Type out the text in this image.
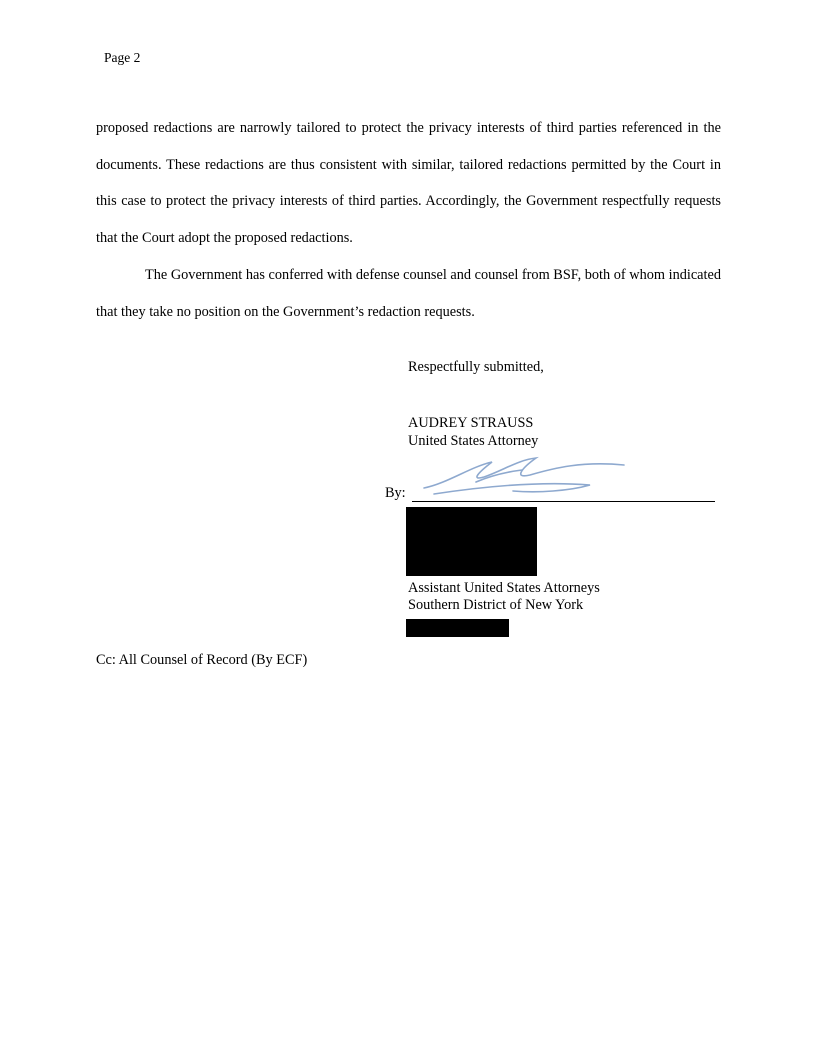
Page 2

proposed redactions are narrowly tailored to protect the privacy interests of third parties referenced in the documents. These redactions are thus consistent with similar, tailored redactions permitted by the Court in this case to protect the privacy interests of third parties. Accordingly, the Government respectfully requests that the Court adopt the proposed redactions.

The Government has conferred with defense counsel and counsel from BSF, both of whom indicated that they take no position on the Government’s redaction requests.

Respectfully submitted,
AUDREY STRAUSS
United States Attorney
By:
Assistant United States Attorneys
Southern District of New York
Cc: All Counsel of Record (By ECF)
